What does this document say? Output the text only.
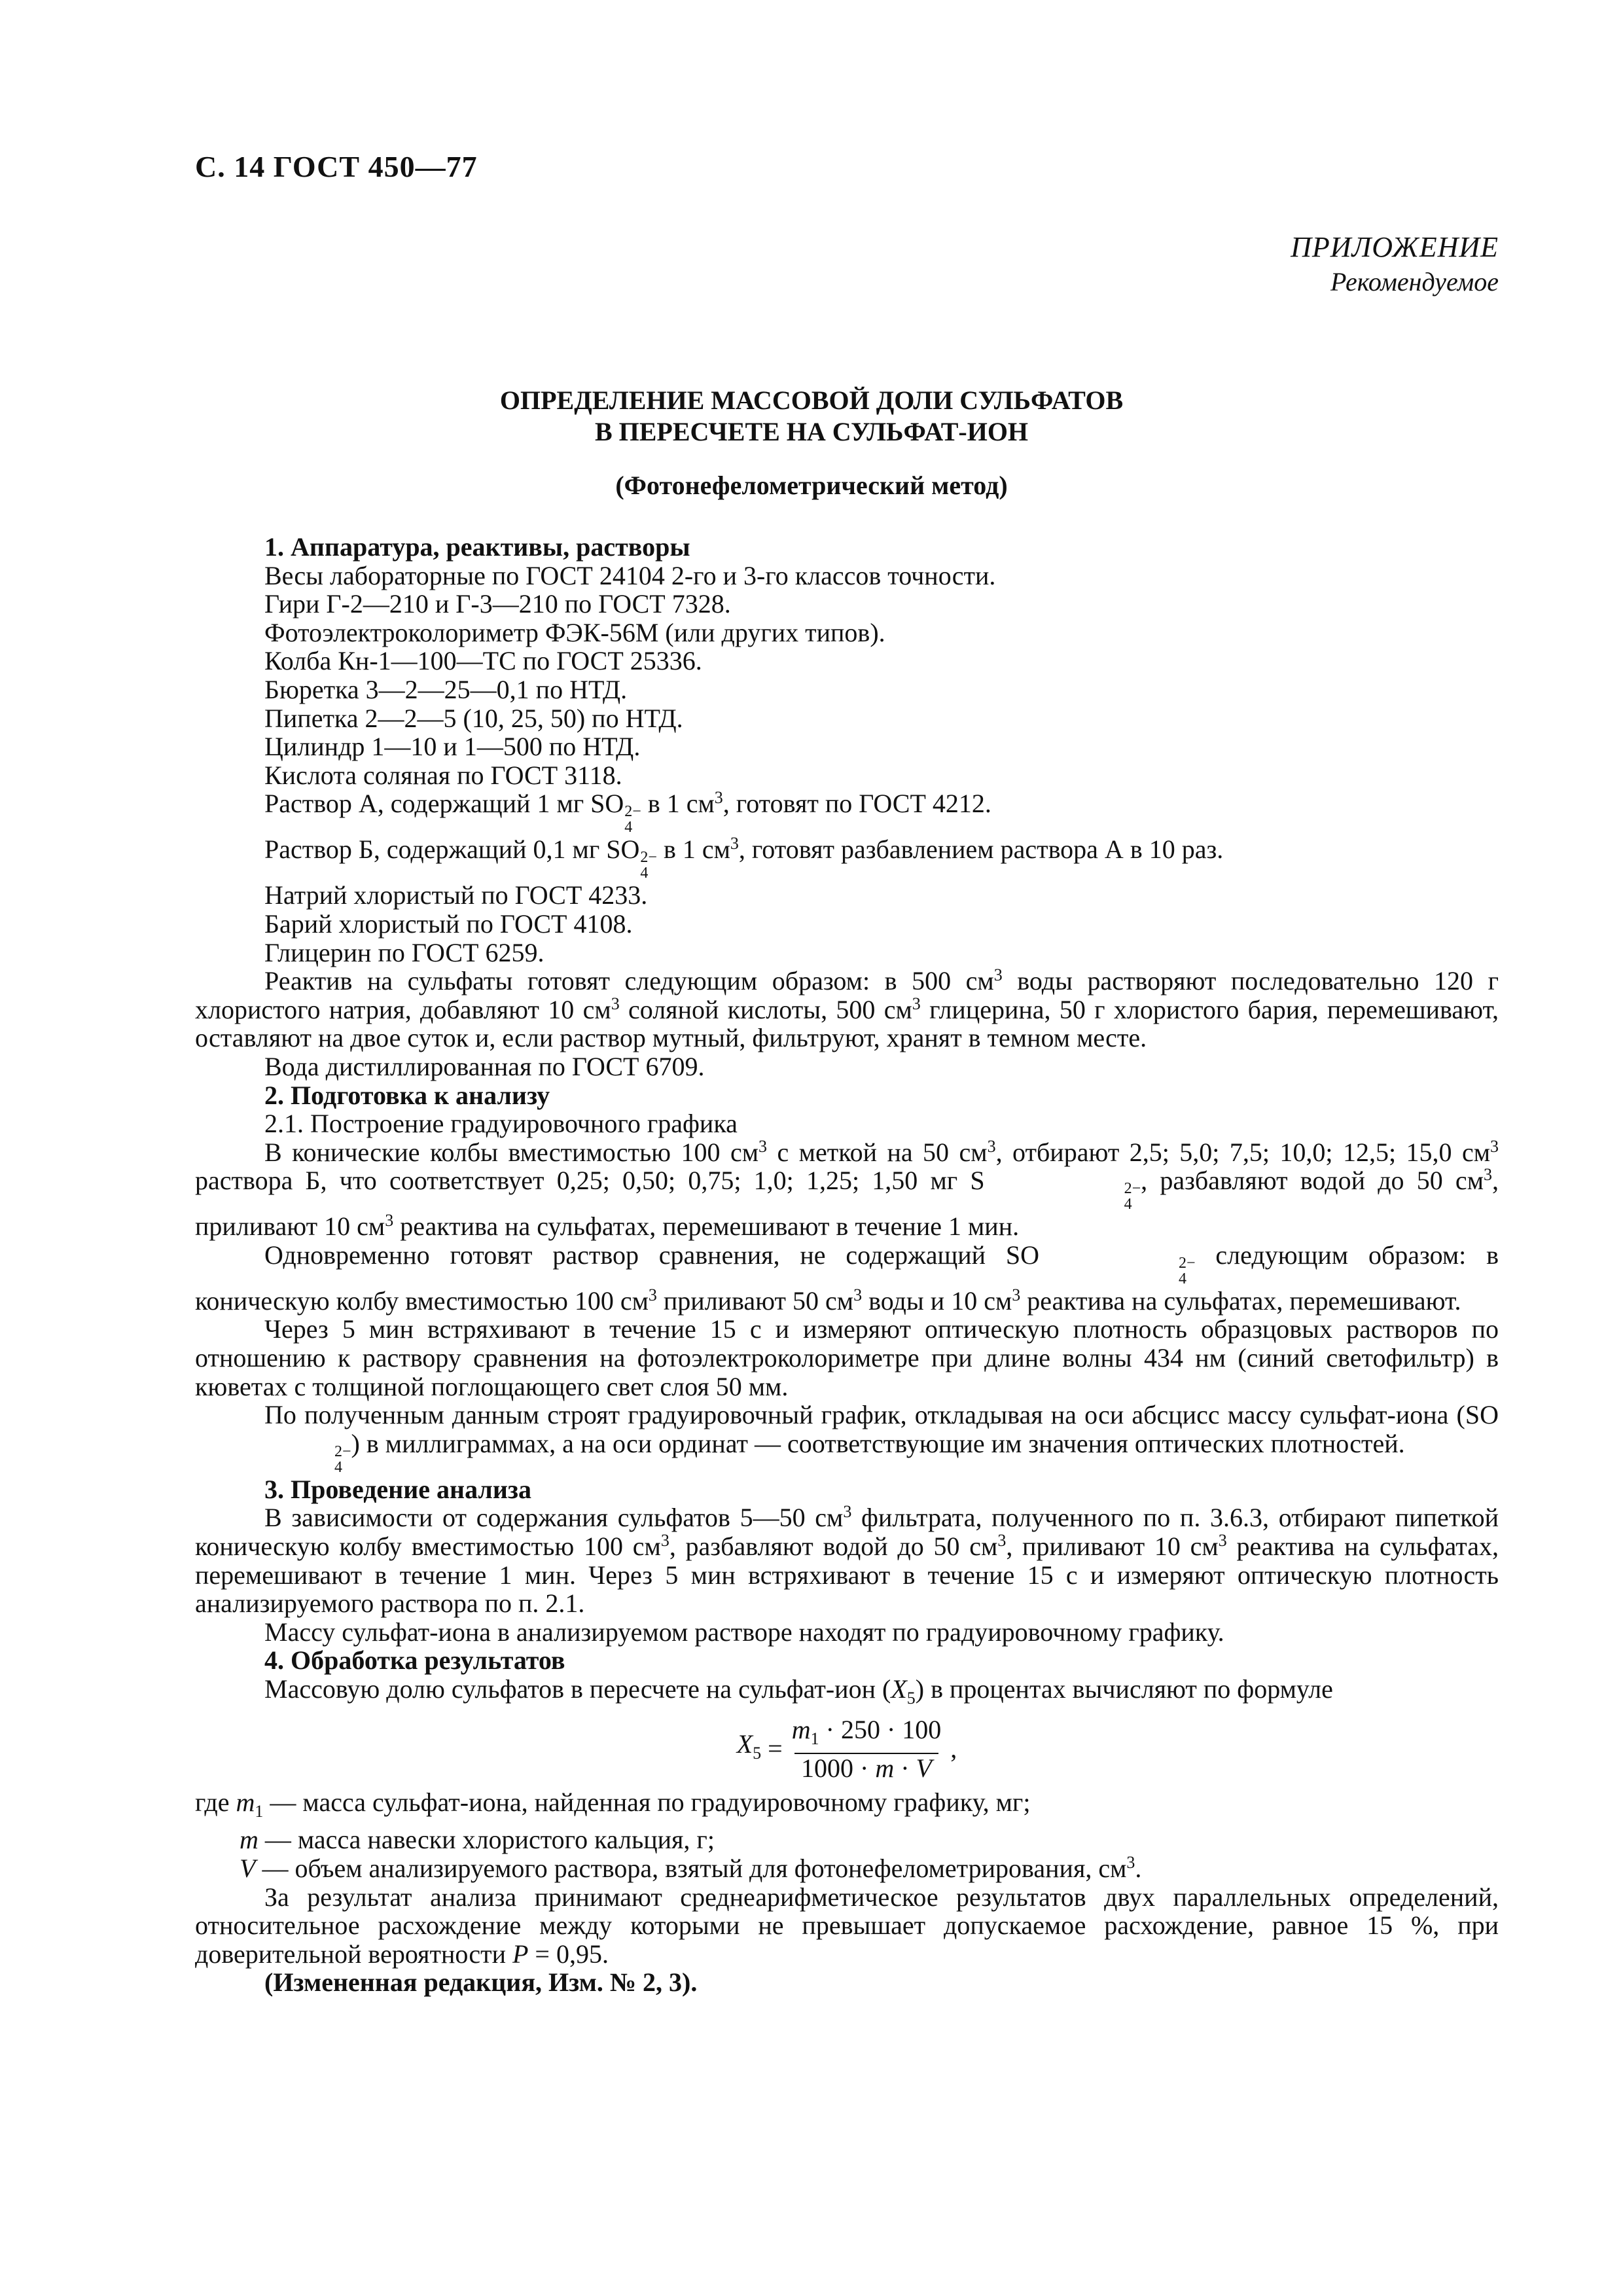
С. 14 ГОСТ 450—77
ПРИЛОЖЕНИЕ
Рекомендуемое
ОПРЕДЕЛЕНИЕ МАССОВОЙ ДОЛИ СУЛЬФАТОВ
В ПЕРЕСЧЕТЕ НА СУЛЬФАТ-ИОН
(Фотонефелометрический метод)

1. Аппаратура, реактивы, растворы

Весы лабораторные по ГОСТ 24104 2-го и 3-го классов точности.

Гири Г-2—210 и Г-3—210 по ГОСТ 7328.

Фотоэлектроколориметр ФЭК-56М (или других типов).

Колба Кн-1—100—ТС по ГОСТ 25336.

Бюретка 3—2—25—0,1 по НТД.

Пипетка 2—2—5 (10, 25, 50) по НТД.

Цилиндр 1—10 и 1—500 по НТД.

Кислота соляная по ГОСТ 3118.

Раствор А, содержащий 1 мг SO 2−
4
в 1 $см^3$, готовят по ГОСТ 4212.

Раствор Б, содержащий 0,1 мг SO 2−
4
в 1 $см^3$, готовят разбавлением раствора А в 10 раз.

Натрий хлористый по ГОСТ 4233.

Барий хлористый по ГОСТ 4108.

Глицерин по ГОСТ 6259.

Реактив на сульфаты готовят следующим образом: в 500 $см^3$ воды растворяют последовательно 120 г хлористого натрия, добавляют 10 $см^3$ соляной кислоты, 500 $см^3$ глицерина, 50 г хлористого бария, перемешивают, оставляют на двое суток и, если раствор мутный, фильтруют, хранят в темном месте.

Вода дистиллированная по ГОСТ 6709.

2. Подготовка к анализу

2.1. Построение градуировочного графика

В конические колбы вместимостью 100 $см^3$ с меткой на 50 $см^3$, отбирают 2,5; 5,0; 7,5; 10,0; 12,5; 15,0 $см^3$ раствора Б, что соответствует 0,25; 0,50; 0,75; 1,0; 1,25; 1,50 мг S	2−
4
, разбавляют водой до 50 $см^3$, приливают 10 $см^3$ реактива на сульфатах, перемешивают в течение 1 мин.

Одновременно готовят раствор сравнения, не содержащий SO	2−
4
следующим образом: в коническую колбу вместимостью 100 $см^3$ приливают 50 $см^3$ воды и 10 $см^3$ реактива на сульфатах, перемешивают.

Через 5 мин встряхивают в течение 15 с и измеряют оптическую плотность образцовых растворов по отношению к раствору сравнения на фотоэлектроколориметре при длине волны 434 нм (синий светофильтр) в кюветах с толщиной поглощающего свет слоя 50 мм.

По полученным данным строят градуировочный график, откладывая на оси абсцисс массу сульфат-иона (SO
2−
4
) в миллиграммах, а на оси ординат — соответствующие им значения оптических плотностей.

3. Проведение анализа

В зависимости от содержания сульфатов 5—50 $см^3$ фильтрата, полученного по п. 3.6.3, отбирают пипеткой коническую колбу вместимостью 100 $см^3$, разбавляют водой до 50 $см^3$, приливают 10 $см^3$ реактива на сульфатах, перемешивают в течение 1 мин. Через 5 мин встряхивают в течение 15 с и измеряют оптическую плотность анализируемого раствора по п. 2.1.

Массу сульфат-иона в анализируемом растворе находят по градуировочному графику.

4. Обработка результатов

Массовую долю сульфатов в пересчете на сульфат-ион $(X_5)$ в процентах вычисляют по формуле

$X_5 = \frac{m_1 \cdot 250 \cdot 100}{1000 \cdot m \cdot V}$ ,

где $m_1$ — масса сульфат-иона, найденная по градуировочному графику, мг;

m — масса навески хлористого кальция, г;

V — объем анализируемого раствора, взятый для фотонефелометрирования, $см^3$.

За результат анализа принимают среднеарифметическое результатов двух параллельных определений, относительное расхождение между которыми не превышает допускаемое расхождение, равное 15 %, при доверительной вероятности P = 0,95.

(Измененная редакция, Изм. № 2, 3).
